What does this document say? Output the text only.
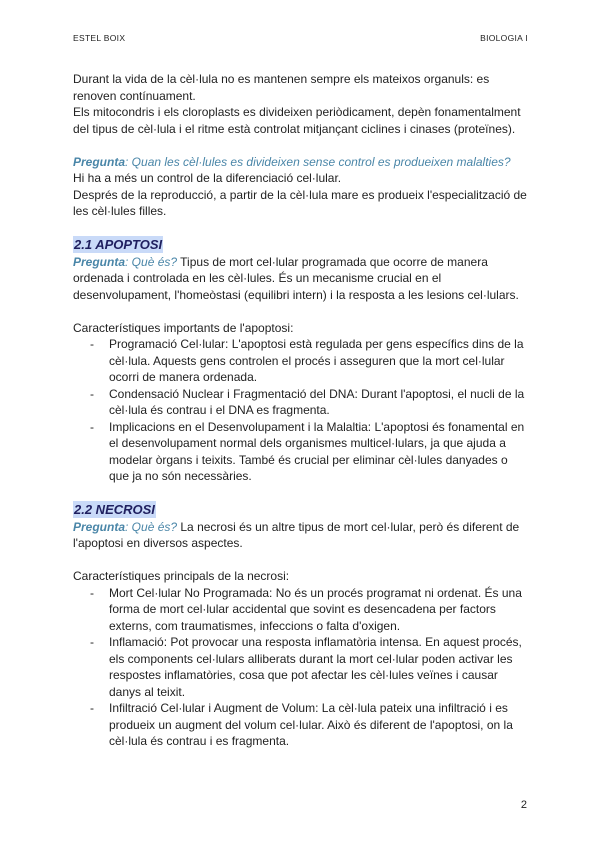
ESTEL BOIX	BIOLOGIA I

Durant la vida de la cèl·lula no es mantenen sempre els mateixos organuls: es renoven contínuament.

Els mitocondris i els cloroplasts es divideixen periòdicament, depèn fonamentalment del tipus de cèl·lula i el ritme està controlat mitjançant ciclines i cinases (proteïnes).

Pregunta: Quan les cèl·lules es divideixen sense control es produeixen malalties?

Hi ha a més un control de la diferenciació cel·lular.

Després de la reproducció, a partir de la cèl·lula mare es produeix l'especialització de les cèl·lules filles.

2.1 APOPTOSI

Pregunta: Què és? Tipus de mort cel·lular programada que ocorre de manera ordenada i controlada en les cèl·lules. És un mecanisme crucial en el desenvolupament, l'homeòstasi (equilibri intern) i la resposta a les lesions cel·lulars.

Característiques importants de l'apoptosi:

- Programació Cel·lular: L'apoptosi està regulada per gens específics dins de la cèl·lula. Aquests gens controlen el procés i asseguren que la mort cel·lular ocorri de manera ordenada.
- Condensació Nuclear i Fragmentació del DNA: Durant l'apoptosi, el nucli de la cèl·lula és contrau i el DNA es fragmenta.
- Implicacions en el Desenvolupament i la Malaltia: L'apoptosi és fonamental en el desenvolupament normal dels organismes multicel·lulars, ja que ajuda a modelar òrgans i teixits. També és crucial per eliminar cèl·lules danyades o que ja no són necessàries.
2.2 NECROSI

Pregunta: Què és? La necrosi és un altre tipus de mort cel·lular, però és diferent de l'apoptosi en diversos aspectes.

Característiques principals de la necrosi:

- Mort Cel·lular No Programada: No és un procés programat ni ordenat. És una forma de mort cel·lular accidental que sovint es desencadena per factors externs, com traumatismes, infeccions o falta d'oxigen.
- Inflamació: Pot provocar una resposta inflamatòria intensa. En aquest procés, els components cel·lulars alliberats durant la mort cel·lular poden activar les respostes inflamatòries, cosa que pot afectar les cèl·lules veïnes i causar danys al teixit.
- Infiltració Cel·lular i Augment de Volum: La cèl·lula pateix una infiltració i es produeix un augment del volum cel·lular. Això és diferent de l'apoptosi, on la cèl·lula és contrau i es fragmenta.
2
